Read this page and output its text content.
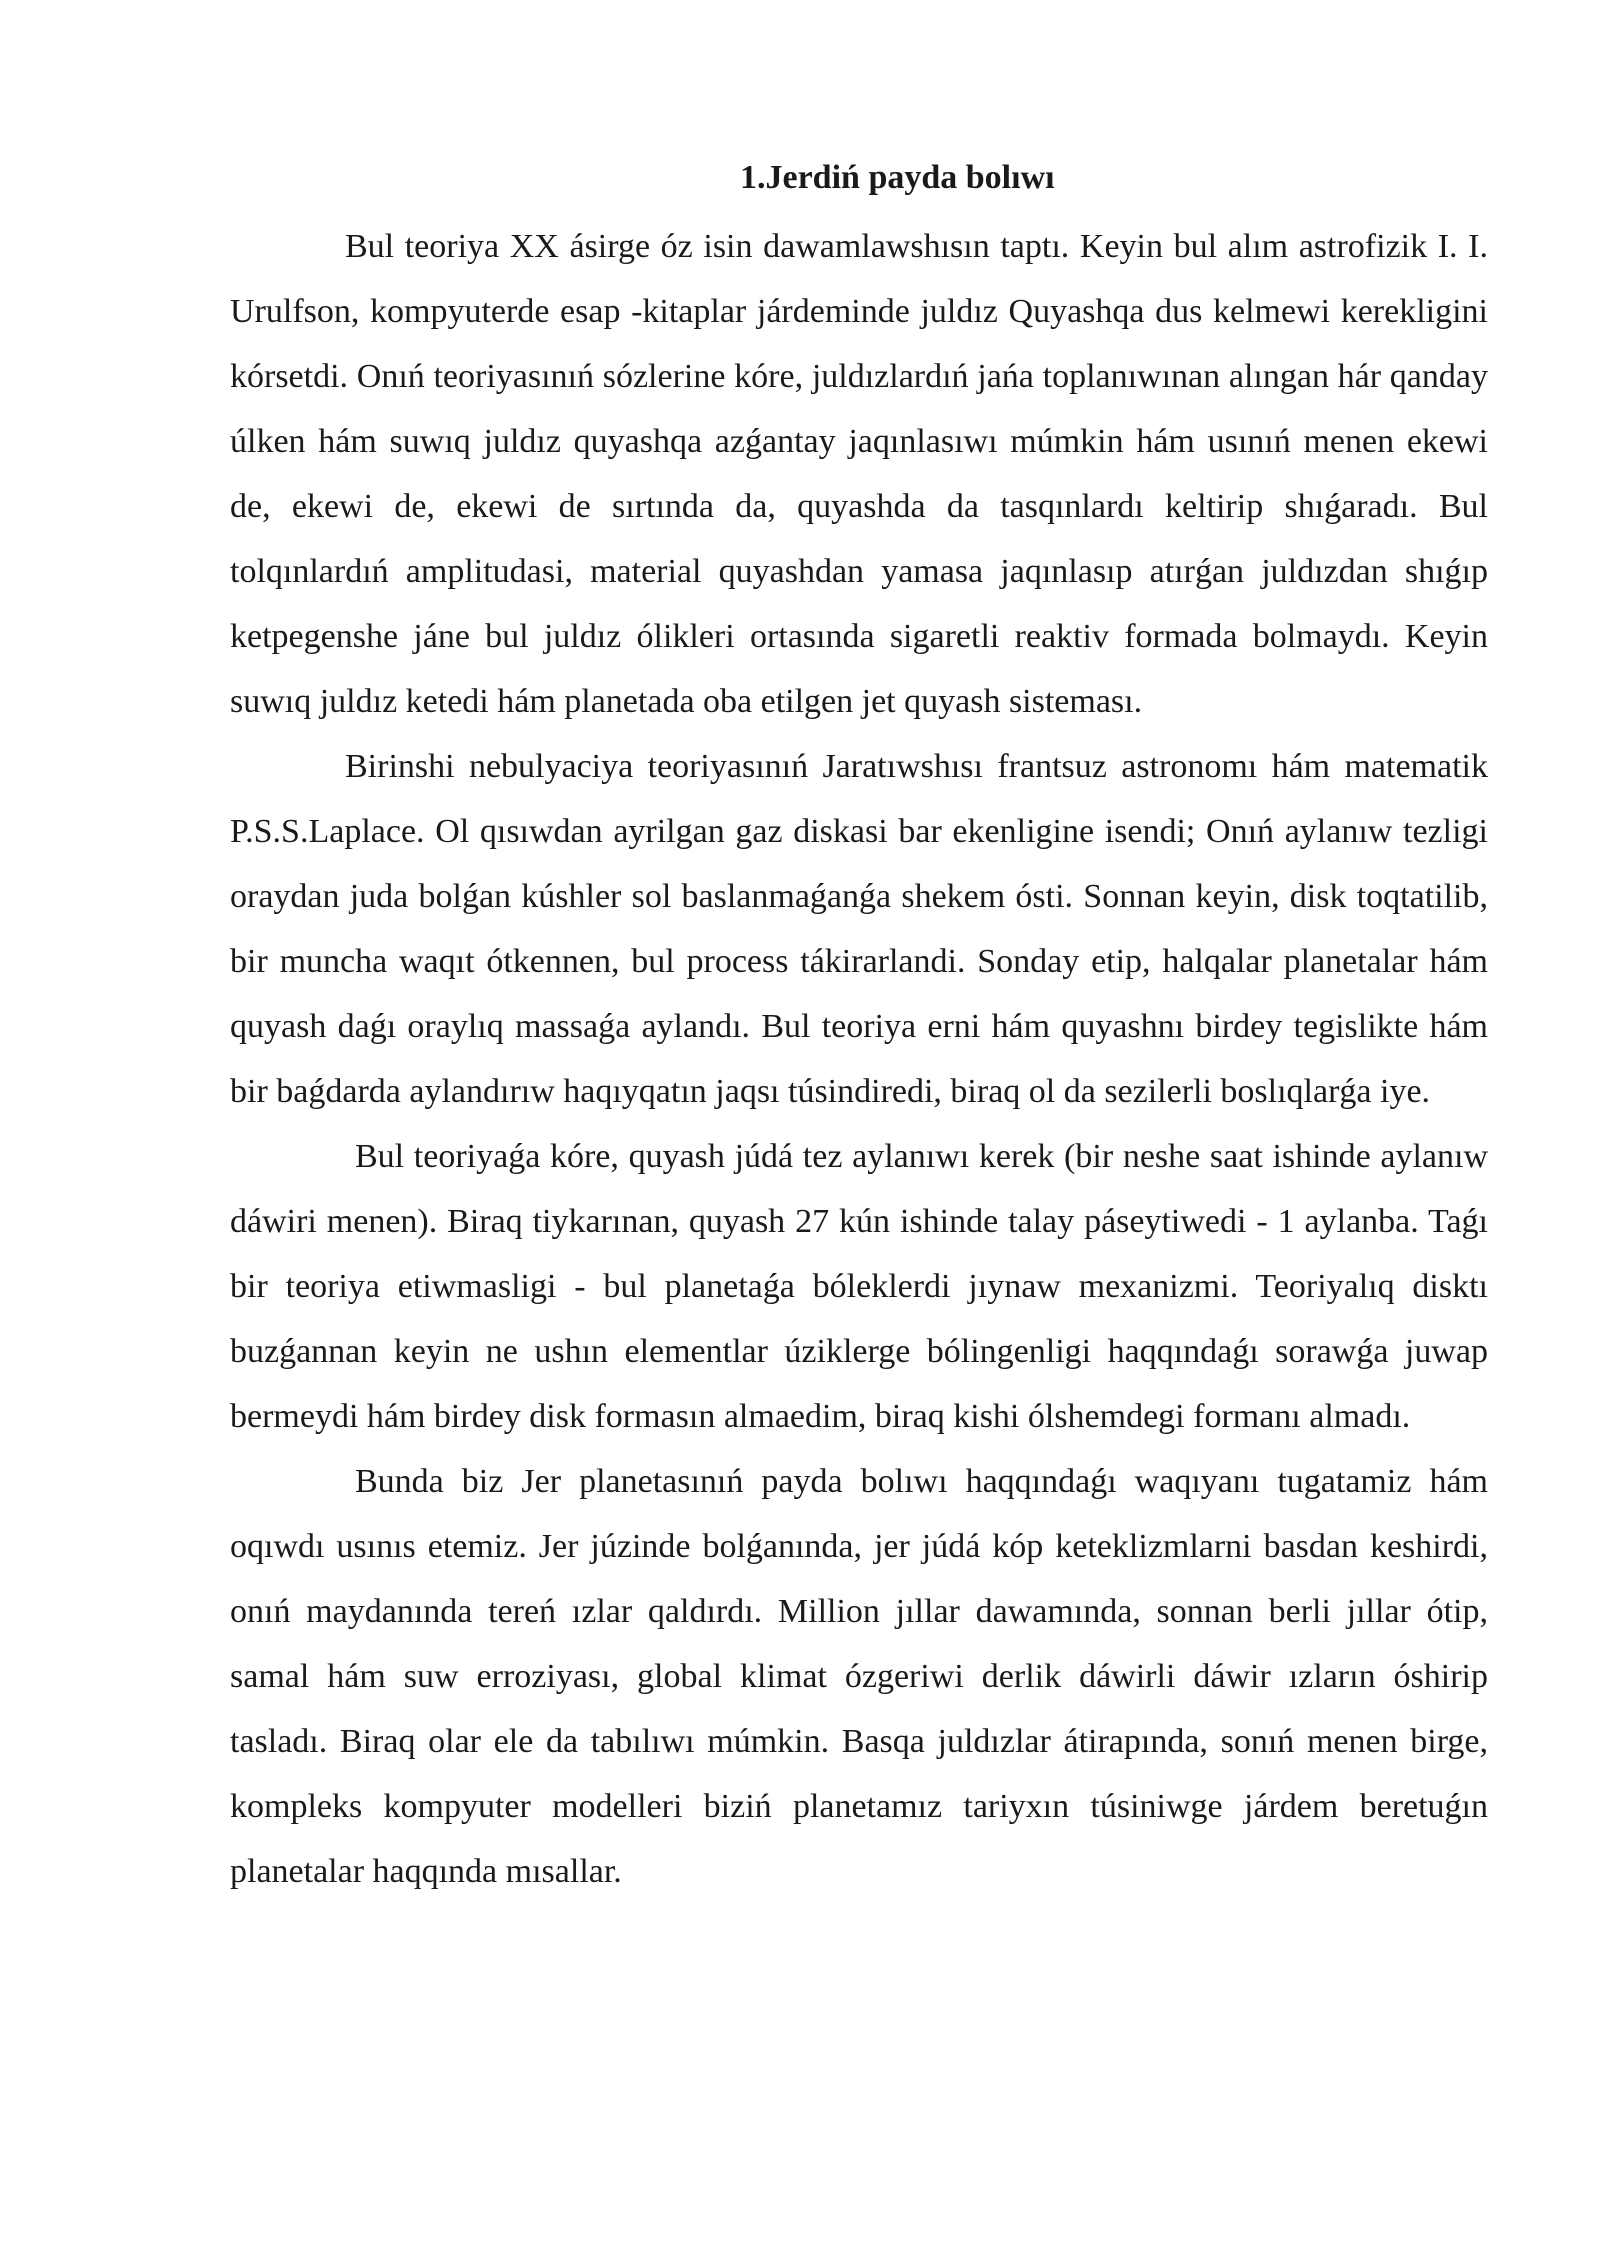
1.Jerdiń payda bolıwı

Bul teoriya XX ásirge óz isin dawamlawshısın taptı. Keyin bul alım astrofizik I. I. Urulfson, kompyuterde esap -kitaplar járdeminde juldız Quyashqa dus kelmewi kerekligini kórsetdi. Onıń teoriyasınıń sózlerine kóre, juldızlardıń jańa toplanıwınan alıngan hár qanday úlken hám suwıq juldız quyashqa azǵantay jaqınlasıwı múmkin hám usınıń menen ekewi de, ekewi de, ekewi de sırtında da, quyashda da tasqınlardı keltirip shıǵaradı. Bul tolqınlardıń amplitudasi, material quyashdan yamasa jaqınlasıp atırǵan juldızdan shıǵıp ketpegenshe jáne bul juldız ólikleri ortasında sigaretli reaktiv formada bolmaydı. Keyin suwıq juldız ketedi hám planetada oba etilgen jet quyash sisteması.

Birinshi nebulyaciya teoriyasınıń Jaratıwshısı frantsuz astronomı hám matematik P.S.S.Laplace. Ol qısıwdan ayrilgan gaz diskasi bar ekenligine isendi; Onıń aylanıw tezligi oraydan juda bolǵan kúshler sol baslanmaǵanǵa shekem ósti. Sonnan keyin, disk toqtatilib, bir muncha waqıt ótkennen, bul process tákirarlandi. Sonday etip, halqalar planetalar hám quyash daǵı oraylıq massaǵa aylandı. Bul teoriya erni hám quyashnı birdey tegislikte hám bir baǵdarda aylandırıw haqıyqatın jaqsı túsindiredi, biraq ol da sezilerli boslıqlarǵa iye.

Bul teoriyaǵa kóre, quyash júdá tez aylanıwı kerek (bir neshe saat ishinde aylanıw dáwiri menen). Biraq tiykarınan, quyash 27 kún ishinde talay páseytiwedi - 1 aylanba. Taǵı bir teoriya etiwmasligi - bul planetaǵa bóleklerdi jıynaw mexanizmi. Teoriyalıq disktı buzǵannan keyin ne ushın elementlar úziklerge bólingenligi haqqındaǵı sorawǵa juwap bermeydi hám birdey disk formasın almaedim, biraq kishi ólshemdegi formanı almadı.

Bunda biz Jer planetasınıń payda bolıwı haqqındaǵı waqıyanı tugatamiz hám oqıwdı usınıs etemiz. Jer júzinde bolǵanında, jer júdá kóp keteklizmlarni basdan keshirdi, onıń maydanında tereń ızlar qaldırdı. Million jıllar dawamında, sonnan berli jıllar ótip, samal hám suw erroziyası, global klimat ózgeriwi derlik dáwirli dáwir ızların óshirip tasladı. Biraq olar ele da tabılıwı múmkin. Basqa juldızlar átirapında, sonıń menen birge, kompleks kompyuter modelleri biziń planetamız tariyxın túsiniwge járdem beretuǵın planetalar haqqında mısallar.
